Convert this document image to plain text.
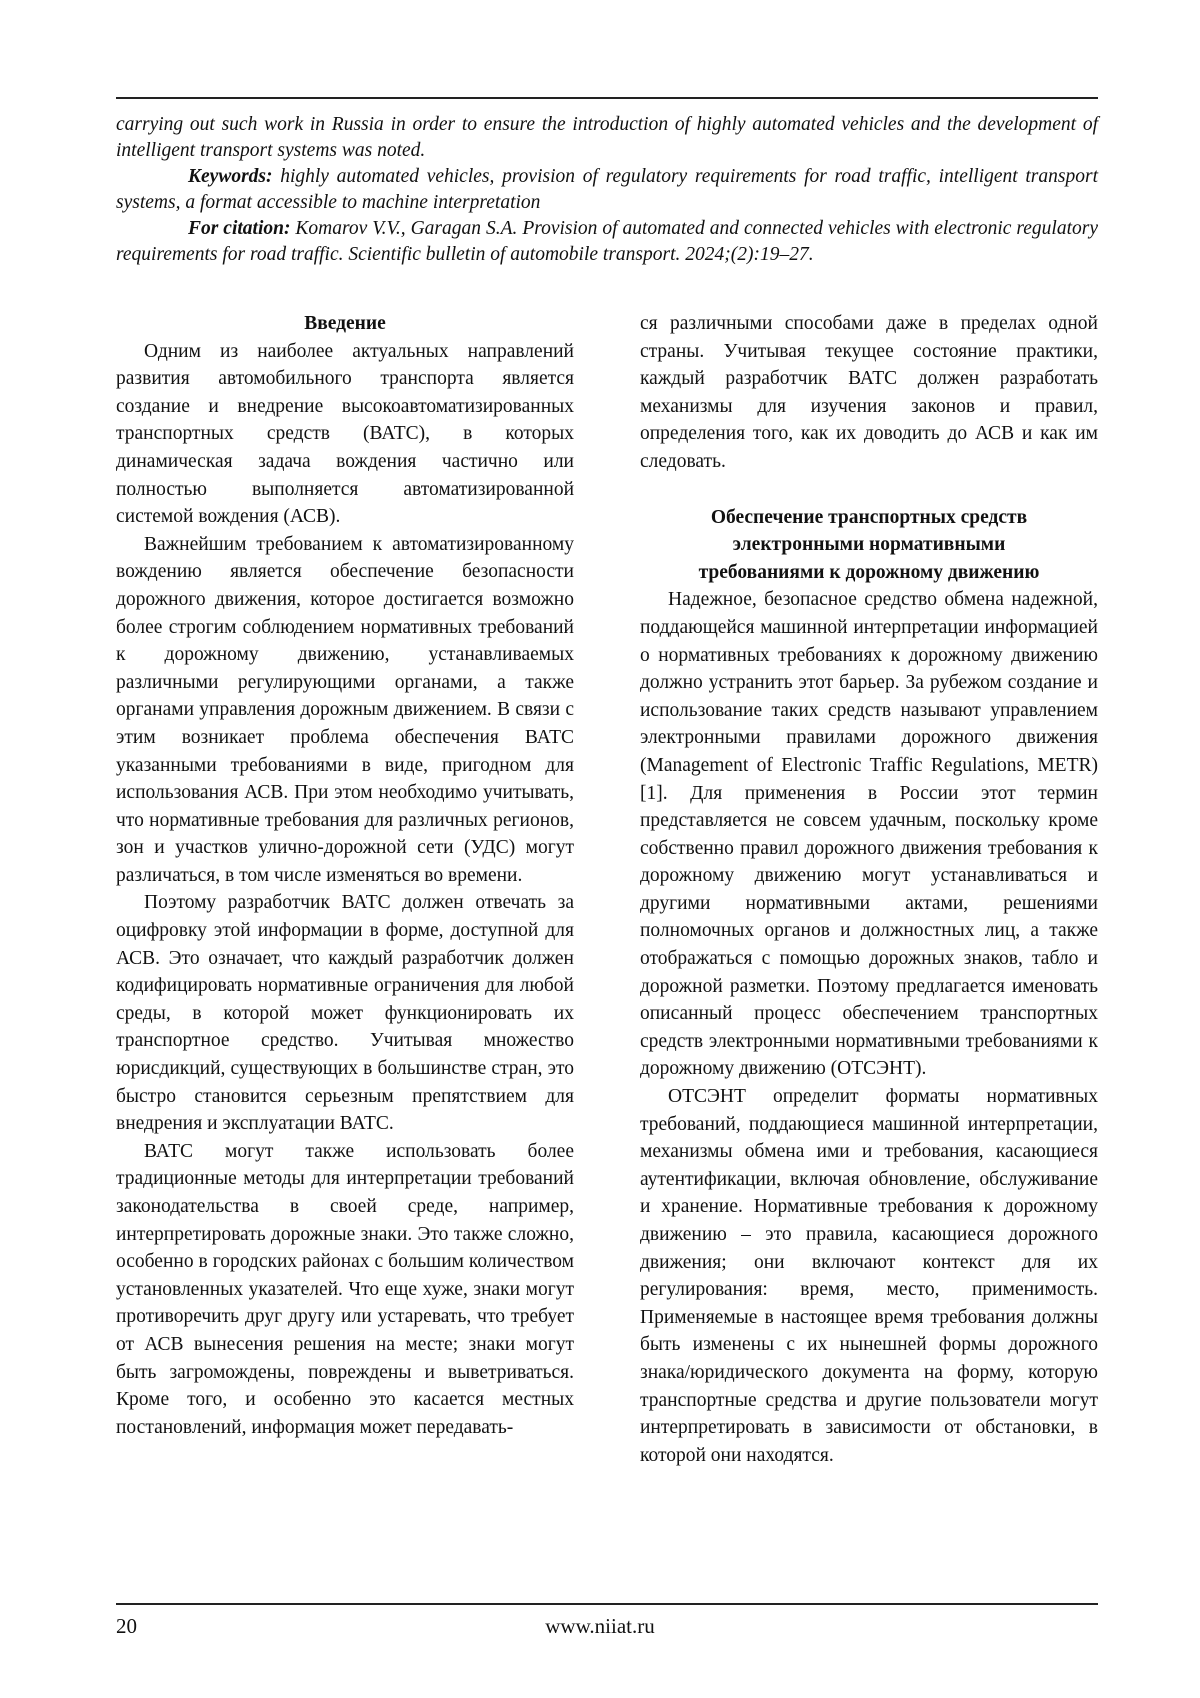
carrying out such work in Russia in order to ensure the introduction of highly automated vehicles and the development of intelligent transport systems was noted.

Keywords: highly automated vehicles, provision of regulatory requirements for road traffic, intelligent transport systems, a format accessible to machine interpretation

For citation: Komarov V.V., Garagan S.A. Provision of automated and connected vehicles with electronic regulatory requirements for road traffic. Scientific bulletin of automobile transport. 2024;(2):19–27.

Введение

Одним из наиболее актуальных направлений развития автомобильного транспорта является создание и внедрение высокоавтоматизированных транспортных средств (ВАТС), в которых динамическая задача вождения частично или полностью выполняется автоматизированной системой вождения (АСВ).

Важнейшим требованием к автоматизированному вождению является обеспечение безопасности дорожного движения, которое достигается возможно более строгим соблюдением нормативных требований к дорожному движению, устанавливаемых различными регулирующими органами, а также органами управления дорожным движением. В связи с этим возникает проблема обеспечения ВАТС указанными требованиями в виде, пригодном для использования АСВ. При этом необходимо учитывать, что нормативные требования для различных регионов, зон и участков улично-дорожной сети (УДС) могут различаться, в том числе изменяться во времени.

Поэтому разработчик ВАТС должен отвечать за оцифровку этой информации в форме, доступной для АСВ. Это означает, что каждый разработчик должен кодифицировать нормативные ограничения для любой среды, в которой может функционировать их транспортное средство. Учитывая множество юрисдикций, существующих в большинстве стран, это быстро становится серьезным препятствием для внедрения и эксплуатации ВАТС.

ВАТС могут также использовать более традиционные методы для интерпретации требований законодательства в своей среде, например, интерпретировать дорожные знаки. Это также сложно, особенно в городских районах с большим количеством установленных указателей. Что еще хуже, знаки могут противоречить друг другу или устаревать, что требует от АСВ вынесения решения на месте; знаки могут быть загромождены, повреждены и выветриваться. Кроме того, и особенно это касается местных постановлений, информация может передавать-

ся различными способами даже в пределах одной страны. Учитывая текущее состояние практики, каждый разработчик ВАТС должен разработать механизмы для изучения законов и правил, определения того, как их доводить до АСВ и как им следовать.

Обеспечение транспортных средств
электронными нормативными
требованиями к дорожному движению

Надежное, безопасное средство обмена надежной, поддающейся машинной интерпретации информацией о нормативных требованиях к дорожному движению должно устранить этот барьер. За рубежом создание и использование таких средств называют управлением электронными правилами дорожного движения (Management of Electronic Traffic Regulations, METR) [1]. Для применения в России этот термин представляется не совсем удачным, поскольку кроме собственно правил дорожного движения требования к дорожному движению могут устанавливаться и другими нормативными актами, решениями полномочных органов и должностных лиц, а также отображаться с помощью дорожных знаков, табло и дорожной разметки. Поэтому предлагается именовать описанный процесс обеспечением транспортных средств электронными нормативными требованиями к дорожному движению (ОТСЭНТ).

ОТСЭНТ определит форматы нормативных требований, поддающиеся машинной интерпретации, механизмы обмена ими и требования, касающиеся аутентификации, включая обновление, обслуживание и хранение. Нормативные требования к дорожному движению – это правила, касающиеся дорожного движения; они включают контекст для их регулирования: время, место, применимость. Применяемые в настоящее время требования должны быть изменены с их нынешней формы дорожного знака/юридического документа на форму, которую транспортные средства и другие пользователи могут интерпретировать в зависимости от обстановки, в которой они находятся.

20	www.niiat.ru
